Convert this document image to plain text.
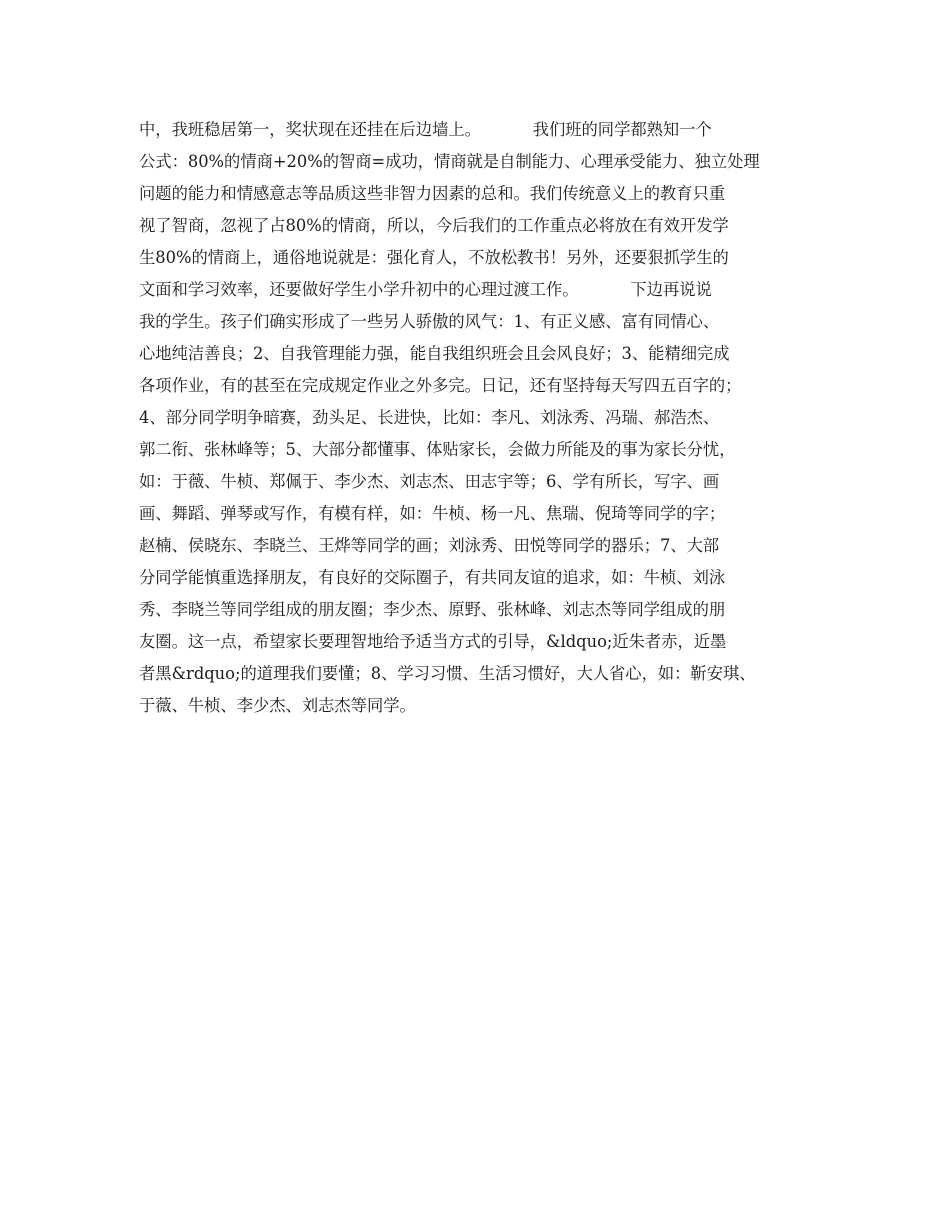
中，我班稳居第一，奖状现在还挂在后边墙上。          我们班的同学都熟知一个

公式：80%的情商+20%的智商=成功，情商就是自制能力、心理承受能力、独立处理

问题的能力和情感意志等品质这些非智力因素的总和。我们传统意义上的教育只重

视了智商，忽视了占80%的情商，所以，今后我们的工作重点必将放在有效开发学

生80%的情商上，通俗地说就是：强化育人，不放松教书！另外，还要狠抓学生的

文面和学习效率，还要做好学生小学升初中的心理过渡工作。          下边再说说

我的学生。孩子们确实形成了一些另人骄傲的风气：1、有正义感、富有同情心、

心地纯洁善良；2、自我管理能力强，能自我组织班会且会风良好；3、能精细完成

各项作业，有的甚至在完成规定作业之外多完。日记，还有坚持每天写四五百字的；

4、部分同学明争暗赛，劲头足、长进快，比如：李凡、刘泳秀、冯瑞、郝浩杰、

郭二衔、张林峰等；5、大部分都懂事、体贴家长，会做力所能及的事为家长分忧，

如：于薇、牛桢、郑佩于、李少杰、刘志杰、田志宇等；6、学有所长，写字、画

画、舞蹈、弹琴或写作，有模有样，如：牛桢、杨一凡、焦瑞、倪琦等同学的字；

赵楠、侯晓东、李晓兰、王烨等同学的画；刘泳秀、田悦等同学的器乐；7、大部

分同学能慎重选择朋友，有良好的交际圈子，有共同友谊的追求，如：牛桢、刘泳

秀、李晓兰等同学组成的朋友圈；李少杰、原野、张林峰、刘志杰等同学组成的朋

友圈。这一点，希望家长要理智地给予适当方式的引导，&ldquo;近朱者赤，近墨

者黑&rdquo;的道理我们要懂；8、学习习惯、生活习惯好，大人省心，如：靳安琪、

于薇、牛桢、李少杰、刘志杰等同学。
